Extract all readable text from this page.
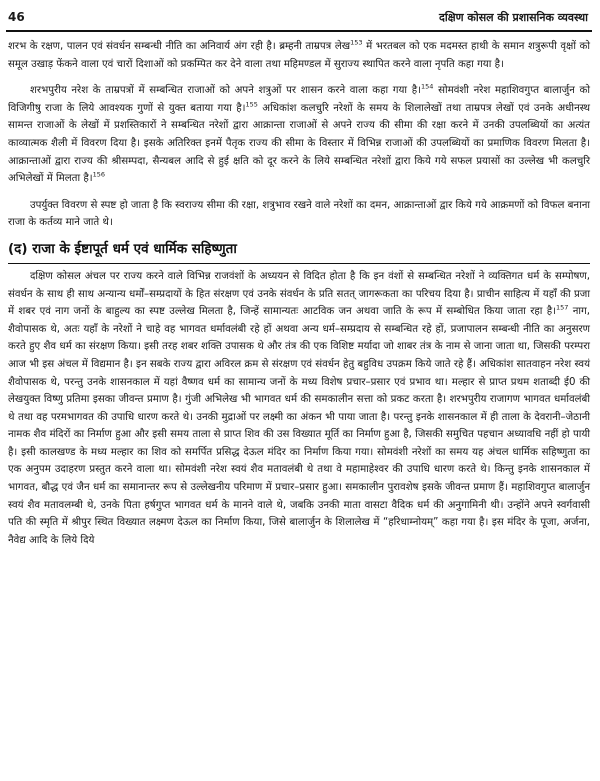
46	दक्षिण कोसल की प्रशासनिक व्यवस्था

शरभ के रक्षण, पालन एवं संवर्धन सम्बन्धी नीति का अनिवार्य अंग रही है। ब्रम्हनी ताम्रपत्र लेख$^{153}$ में भरतबल को एक मदमस्त हाथी के समान शत्रुरूपी वृक्षों को समूल उखाड़ फेंकने वाला एवं चारों दिशाओं को प्रकम्पित कर देने वाला तथा महिमण्डल में सुराज्य स्थापित करने वाला नृपति कहा गया है।

शरभपुरीय नरेश के ताम्रपत्रों में सम्बन्धित राजाओं को अपने शत्रुओं पर शासन करने वाला कहा गया है।$^{154}$ सोमवंशी नरेश महाशिवगुप्त बालार्जुन को विजिगीषु राजा के लिये आवश्यक गुणों से युक्त बताया गया है।$^{155}$ अधिकांश कलचुरि नरेशों के समय के शिलालेखों तथा ताम्रपत्र लेखों एवं उनके अधीनस्थ सामन्त राजाओं के लेखों में प्रशस्तिकारों ने सम्बन्धित नरेशों द्वारा आक्रान्ता राजाओं से अपने राज्य की सीमा की रक्षा करने में उनकी उपलब्धियों का अत्यंत काव्यात्मक शैली में विवरण दिया है। इसके अतिरिक्त इनमें पैतृक राज्य की सीमा के विस्तार में विभिन्न राजाओं की उपलब्धियों का प्रमाणिक विवरण मिलता है। आक्रान्ताओं द्वारा राज्य की श्रीसम्पदा, सैन्यबल आदि से हुई क्षति को दूर करने के लिये सम्बन्धित नरेशों द्वारा किये गये सफल प्रयासों का उल्लेख भी कलचुरि अभिलेखों में मिलता है।$^{156}$

उपर्युक्त विवरण से स्पष्ट हो जाता है कि स्वराज्य सीमा की रक्षा, शत्रुभाव रखने वाले नरेशों का दमन, आक्रान्ताओं द्वार किये गये आक्रमणों को विफल बनाना राजा के कर्तव्य माने जाते थे।

(द) राजा के ईष्टापूर्त धर्म एवं धार्मिक सहिष्णुता

दक्षिण कोसल अंचल पर राज्य करने वाले विभिन्न राजवंशों के अध्ययन से विदित होता है कि इन वंशों से सम्बन्धित नरेशों ने व्यक्तिगत धर्म के सम्पोषण, संवर्धन के साथ ही साथ अन्यान्य धर्मों–सम्प्रदायों के हित संरक्षण एवं उनके संवर्धन के प्रति सतत् जागरूकता का परिचय दिया है। प्राचीन साहित्य में यहाँ की प्रजा में शबर एवं नाग जनों के बाहुल्य का स्पष्ट उल्लेख मिलता है, जिन्हें सामान्यतः आटविक जन अथवा जाति के रूप में सम्बोधित किया जाता रहा है।$^{157}$ नाग, शैवोपासक थे, अतः यहाँ के नरेशों ने चाहे वह भागवत धर्मावलंबी रहे हों अथवा अन्य धर्म–सम्प्रदाय से सम्बन्धित रहे हों, प्रजापालन सम्बन्धी नीति का अनुसरण करते हुए शैव धर्म का संरक्षण किया। इसी तरह शबर शक्ति उपासक थे और तंत्र की एक विशिष्ट मर्यादा जो शाबर तंत्र के नाम से जाना जाता था, जिसकी परम्परा आज भी इस अंचल में विद्यमान है। इन सबके राज्य द्वारा अविरल क्रम से संरक्षण एवं संवर्धन हेतु बहुविध उपक्रम किये जाते रहे हैं। अधिकांश सातवाहन नरेश स्वयं शैवोपासक थे, परन्तु उनके शासनकाल में यहां वैष्णव धर्म का सामान्य जनों के मध्य विशेष प्रचार–प्रसार एवं प्रभाव था। मल्हार से प्राप्त प्रथम शताब्दी ई0 की लेखयुक्त विष्णु प्रतिमा इसका जीवन्त प्रमाण है। गुंजी अभिलेख भी भागवत धर्म की समकालीन सत्ता को प्रकट करता है। शरभपुरीय राजागण भागवत धर्मावलंबी थे तथा वह परमभागवत की उपाधि धारण करते थे। उनकी मुद्राओं पर लक्ष्मी का अंकन भी पाया जाता है। परन्तु इनके शासनकाल में ही ताला के देवरानी–जेठानी नामक शैव मंदिरों का निर्माण हुआ और इसी समय ताला से प्राप्त शिव की उस विख्यात मूर्ति का निर्माण हुआ है, जिसकी समुचित पहचान अध्यावधि नहीं हो पायी है। इसी कालखण्ड के मध्य मल्हार का शिव को समर्पित प्रसिद्ध देऊल मंदिर का निर्माण किया गया। सोमवंशी नरेशों का समय यह अंचल धार्मिक सहिष्णुता का एक अनुपम उदाहरण प्रस्तुत करने वाला था। सोमवंशी नरेश स्वयं शैव मतावलंबी थे तथा वे महामाहेश्वर की उपाधि धारण करते थे। किन्तु इनके शासनकाल में भागवत, बौद्ध एवं जैन धर्म का समानान्तर रूप से उल्लेखनीय परिमाण में प्रचार–प्रसार हुआ। समकालीन पुरावशेष इसके जीवन्त प्रमाण हैं। महाशिवगुप्त बालार्जुन स्वयं शैव मतावलम्बी थे, उनके पिता हर्षगुप्त भागवत धर्म के मानने वाले थे, जबकि उनकी माता वासटा वैदिक धर्म की अनुगामिनी थी। उन्होंने अपने स्वर्गवासी पति की स्मृति में श्रीपुर स्थित विख्यात लक्ष्मण देऊल का निर्माण किया, जिसे बालार्जुन के शिलालेख में “हरिधाम्नोयम्” कहा गया है। इस मंदिर के पूजा, अर्जना, नैवेद्य आदि के लिये दिये
